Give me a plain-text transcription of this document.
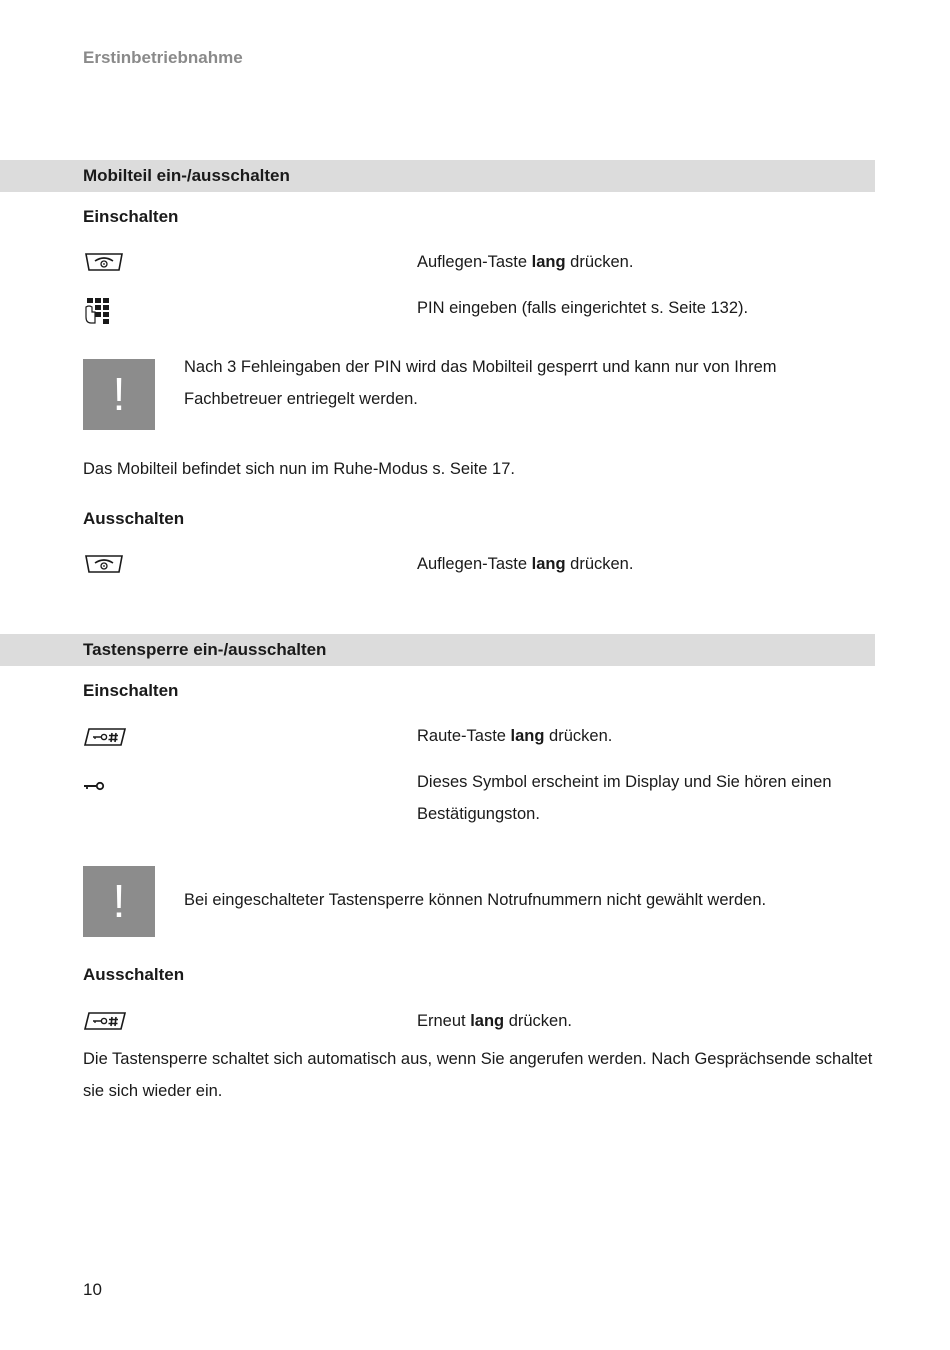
Erstinbetriebnahme
Mobilteil ein-/ausschalten
Einschalten
Auflegen-Taste lang drücken.
PIN eingeben (falls eingerichtet s. Seite 132).
!
Nach 3 Fehleingaben der PIN wird das Mobilteil gesperrt und kann nur von Ihrem Fachbetreuer entriegelt werden.
Das Mobilteil befindet sich nun im Ruhe-Modus s. Seite 17.
Ausschalten
Auflegen-Taste lang drücken.
Tastensperre ein-/ausschalten
Einschalten
Raute-Taste lang drücken.
Dieses Symbol erscheint im Display und Sie hören einen Bestätigungston.
!	Bei eingeschalteter Tastensperre können Notrufnummern nicht gewählt werden.
Ausschalten
Erneut lang drücken.
Die Tastensperre schaltet sich automatisch aus, wenn Sie angerufen werden. Nach Gesprächsende schaltet sie sich wieder ein.
10
